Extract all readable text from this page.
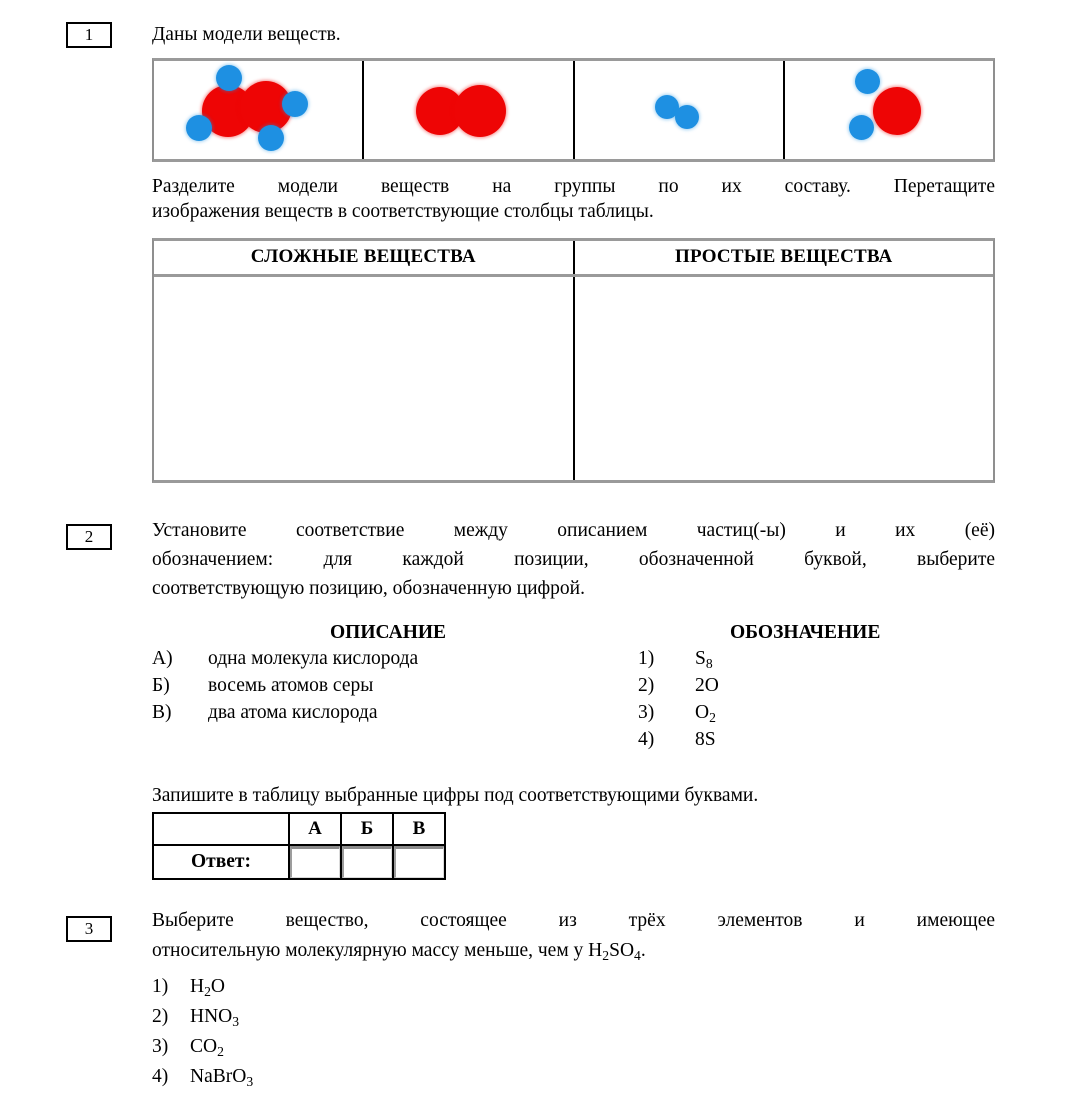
1	Даны модели веществ.
Разделите модели веществ на группы по их составу. Перетащите
изображения веществ в соответствующие столбцы таблицы.
СЛОЖНЫЕ ВЕЩЕСТВА	ПРОСТЫЕ ВЕЩЕСТВА
2	Установите соответствие между описанием частиц(-ы) и их (её)
обозначением: для каждой позиции, обозначенной буквой, выберите
соответствующую позицию, обозначенную цифрой.
ОПИСАНИЕ	ОБОЗНАЧЕНИЕ
А)	одна молекула кислорода	1)	$S_8$
Б)	восемь атомов серы	2)	2O
В)	два атома кислорода	3)	$O_2$
4)	8S
Запишите в таблицу выбранные цифры под соответствующими буквами.
	А	Б	В
Ответ:	

3	Выберите вещество, состоящее из трёх элементов и имеющее
относительную молекулярную массу меньше, чем у $H_2SO_4$.
1)	$H_2O$
2)	$HNO_3$
3)	$CO_2$
4)	NaBrO$_3$
